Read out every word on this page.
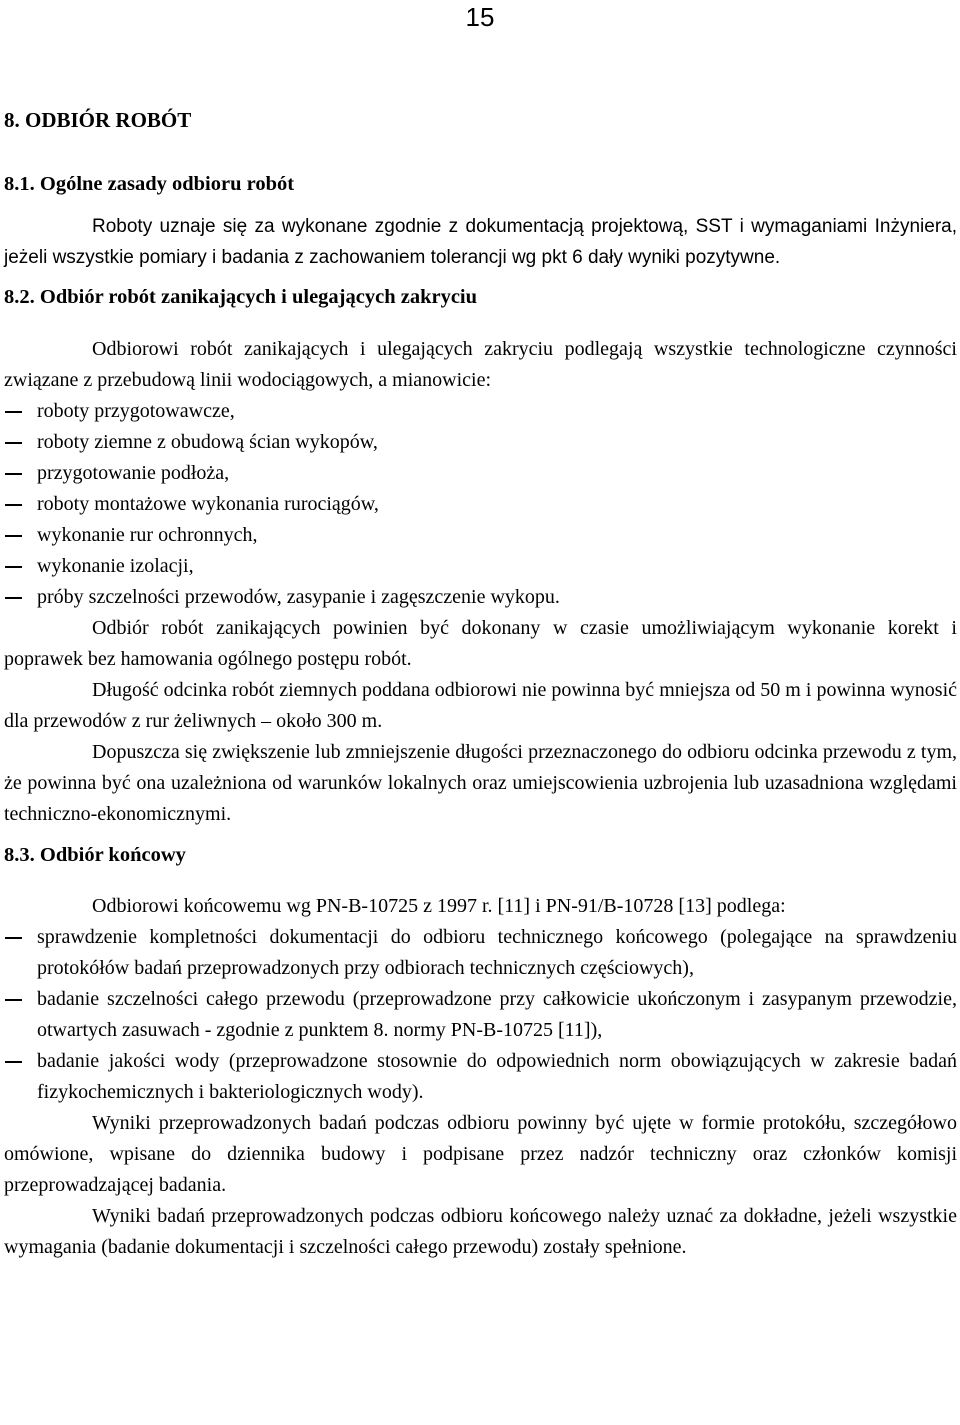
15
8. ODBIÓR ROBÓT
8.1. Ogólne zasady odbioru robót

Roboty uznaje się za wykonane zgodnie z dokumentacją projektową, SST i wymaganiami Inżyniera, jeżeli wszystkie pomiary i badania z zachowaniem tolerancji wg pkt 6 dały wyniki pozytywne.

8.2. Odbiór robót zanikających i ulegających zakryciu

Odbiorowi robót zanikających i ulegających zakryciu podlegają wszystkie technologiczne czynności związane z przebudową linii wodociągowych, a mianowicie:

roboty przygotowawcze,
roboty ziemne z obudową ścian wykopów,
przygotowanie podłoża,
roboty montażowe wykonania rurociągów,
wykonanie rur ochronnych,
wykonanie izolacji,
próby szczelności przewodów, zasypanie i zagęszczenie wykopu.

Odbiór robót zanikających powinien być dokonany w czasie umożliwiającym wykonanie korekt i poprawek bez hamowania ogólnego postępu robót.

Długość odcinka robót ziemnych poddana odbiorowi nie powinna być mniejsza od 50 m i powinna wynosić dla przewodów z rur żeliwnych – około 300 m.

Dopuszcza się zwiększenie lub zmniejszenie długości przeznaczonego do odbioru odcinka przewodu z tym, że powinna być ona uzależniona od warunków lokalnych oraz umiejscowienia uzbrojenia lub uzasadniona względami techniczno-ekonomicznymi.

8.3. Odbiór końcowy

Odbiorowi końcowemu wg PN-B-10725 z 1997 r. [11] i PN-91/B-10728 [13] podlega:

sprawdzenie kompletności dokumentacji do odbioru technicznego końcowego (polegające na sprawdzeniu protokółów badań przeprowadzonych przy odbiorach technicznych częściowych),
badanie szczelności całego przewodu (przeprowadzone przy całkowicie ukończonym i zasypanym przewodzie, otwartych zasuwach - zgodnie z punktem 8. normy PN-B-10725 [11]),
badanie jakości wody (przeprowadzone stosownie do odpowiednich norm obowiązujących w zakresie badań fizykochemicznych i bakteriologicznych wody).

Wyniki przeprowadzonych badań podczas odbioru powinny być ujęte w formie protokółu, szczegółowo omówione, wpisane do dziennika budowy i podpisane przez nadzór techniczny oraz członków komisji przeprowadzającej badania.

Wyniki badań przeprowadzonych podczas odbioru końcowego należy uznać za dokładne, jeżeli wszystkie wymagania (badanie dokumentacji i szczelności całego przewodu) zostały spełnione.
